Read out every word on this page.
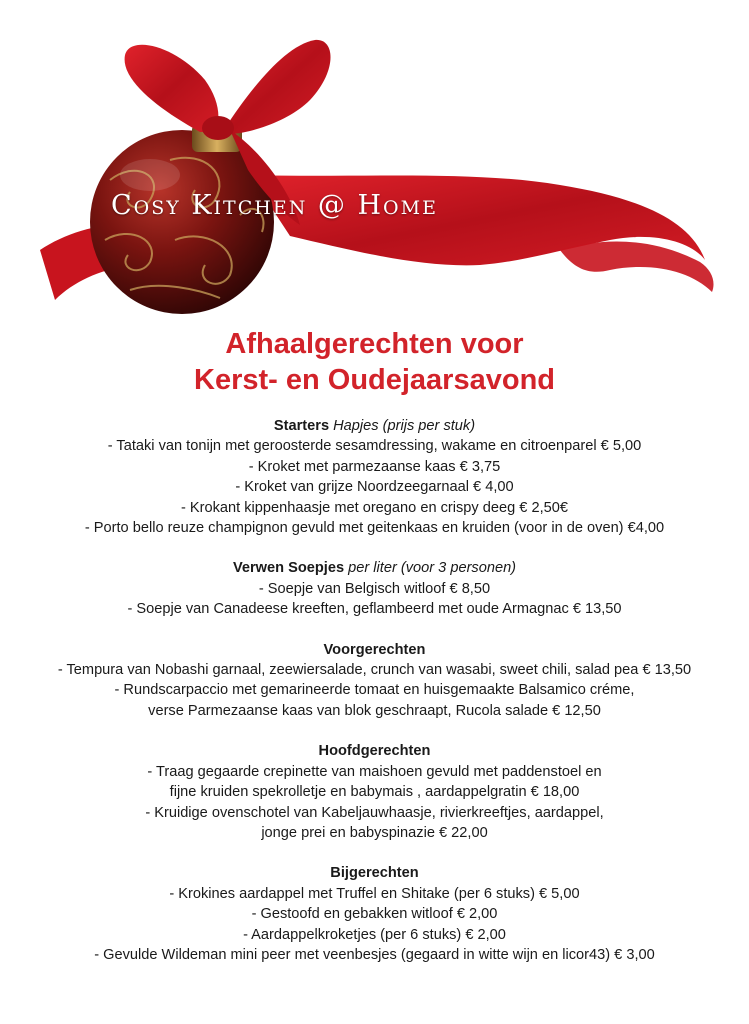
Cosy Kitchen @ Home
Afhaalgerechten voor
Kerst- en Oudejaarsavond

Starters Hapjes (prijs per stuk)

- Tataki van tonijn met geroosterde sesamdressing, wakame en citroenparel € 5,00

- Kroket met parmezaanse kaas € 3,75

- Kroket van grijze Noordzeegarnaal € 4,00

- Krokant kippenhaasje met oregano en crispy deeg € 2,50€

- Porto bello reuze champignon gevuld met geitenkaas en kruiden (voor in de oven) €4,00

Verwen Soepjes per liter (voor 3 personen)

- Soepje van Belgisch witloof € 8,50

- Soepje van Canadeese kreeften, geflambeerd met oude Armagnac € 13,50

Voorgerechten

- Tempura van Nobashi garnaal, zeewiersalade, crunch van wasabi, sweet chili, salad pea € 13,50

- Rundscarpaccio met gemarineerde tomaat en huisgemaakte Balsamico créme,

verse Parmezaanse kaas van blok geschraapt, Rucola salade € 12,50

Hoofdgerechten

- Traag gegaarde crepinette van maishoen gevuld met paddenstoel en

fijne kruiden spekrolletje en babymais , aardappelgratin € 18,00

- Kruidige ovenschotel van Kabeljauwhaasje, rivierkreeftjes, aardappel,

jonge prei en babyspinazie € 22,00

Bijgerechten

- Krokines aardappel met Truffel en Shitake (per 6 stuks) € 5,00

- Gestoofd en gebakken witloof € 2,00

- Aardappelkroketjes (per 6 stuks) € 2,00

- Gevulde Wildeman mini peer met veenbesjes (gegaard in witte wijn en licor43) € 3,00
